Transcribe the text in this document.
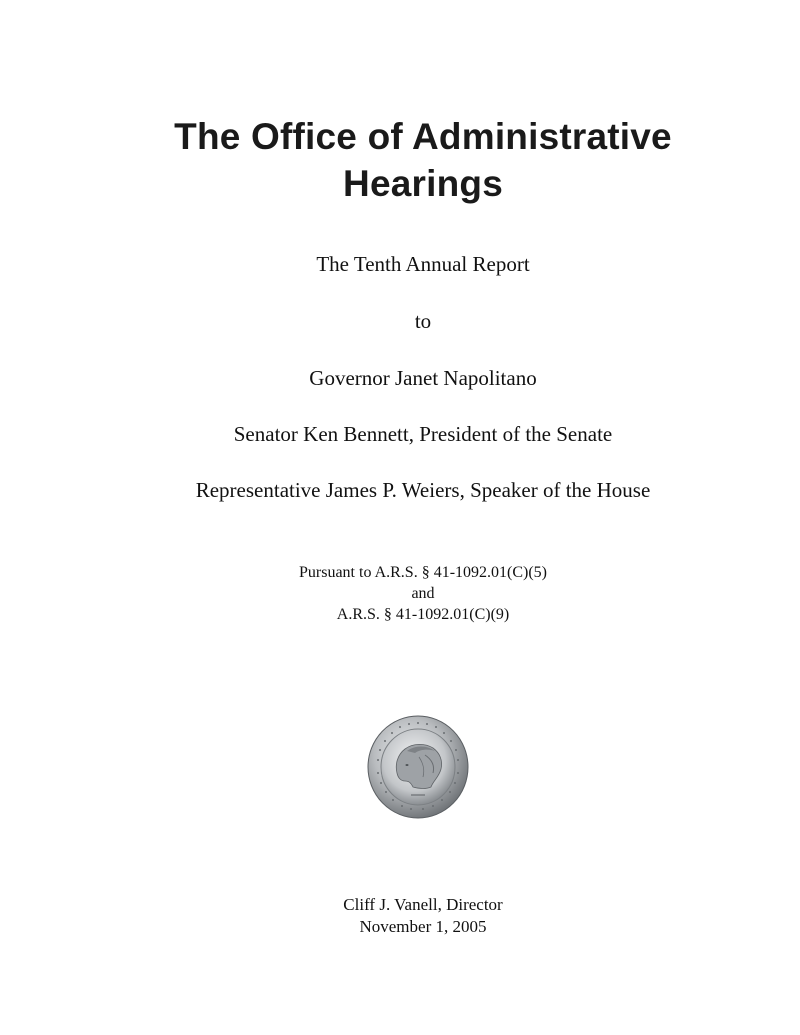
The Office of Administrative
Hearings
The Tenth Annual Report
to
Governor Janet Napolitano
Senator Ken Bennett, President of the Senate
Representative James P. Weiers, Speaker of the House
Pursuant to A.R.S. § 41-1092.01(C)(5)
and
A.R.S. § 41-1092.01(C)(9)
Cliff J. Vanell, Director
November 1, 2005
